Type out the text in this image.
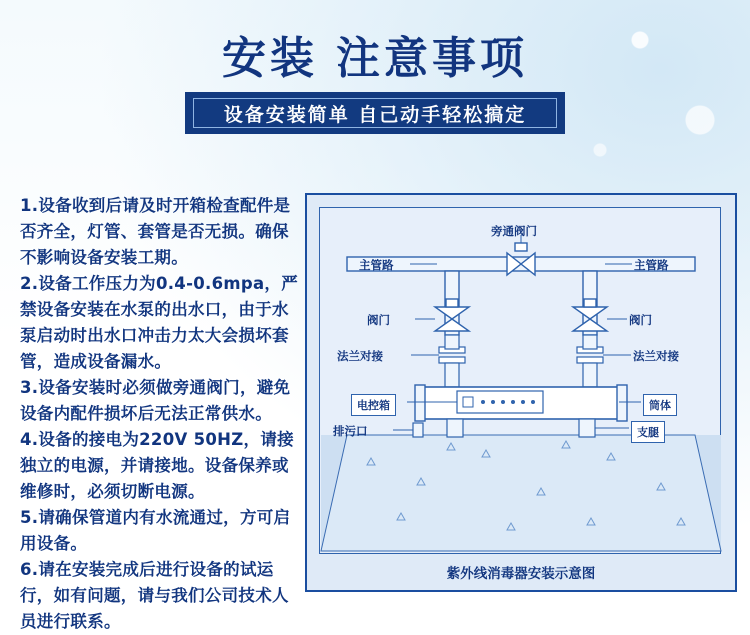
安装 注意事项
设备安装简单 自己动手轻松搞定

1.设备收到后请及时开箱检查配件是否齐全，灯管、套管是否无损。确保不影响设备安装工期。

2.设备工作压力为0.4-0.6mpa，严禁设备安装在水泵的出水口，由于水泵启动时出水口冲击力太大会损坏套管，造成设备漏水。

3.设备安装时必须做旁通阀门，避免设备内配件损坏后无法正常供水。

4.设备的接电为220V 50HZ，请接独立的电源，并请接地。设备保养或维修时，必须切断电源。

5.请确保管道内有水流通过，方可启用设备。

6.请在安装完成后进行设备的试运行，如有问题，请与我们公司技术人员进行联系。

旁通阀门
主管路	主管路
阀门	阀门
法兰对接	法兰对接
电控箱	筒体
排污口	支腿
紫外线消毒器安装示意图
